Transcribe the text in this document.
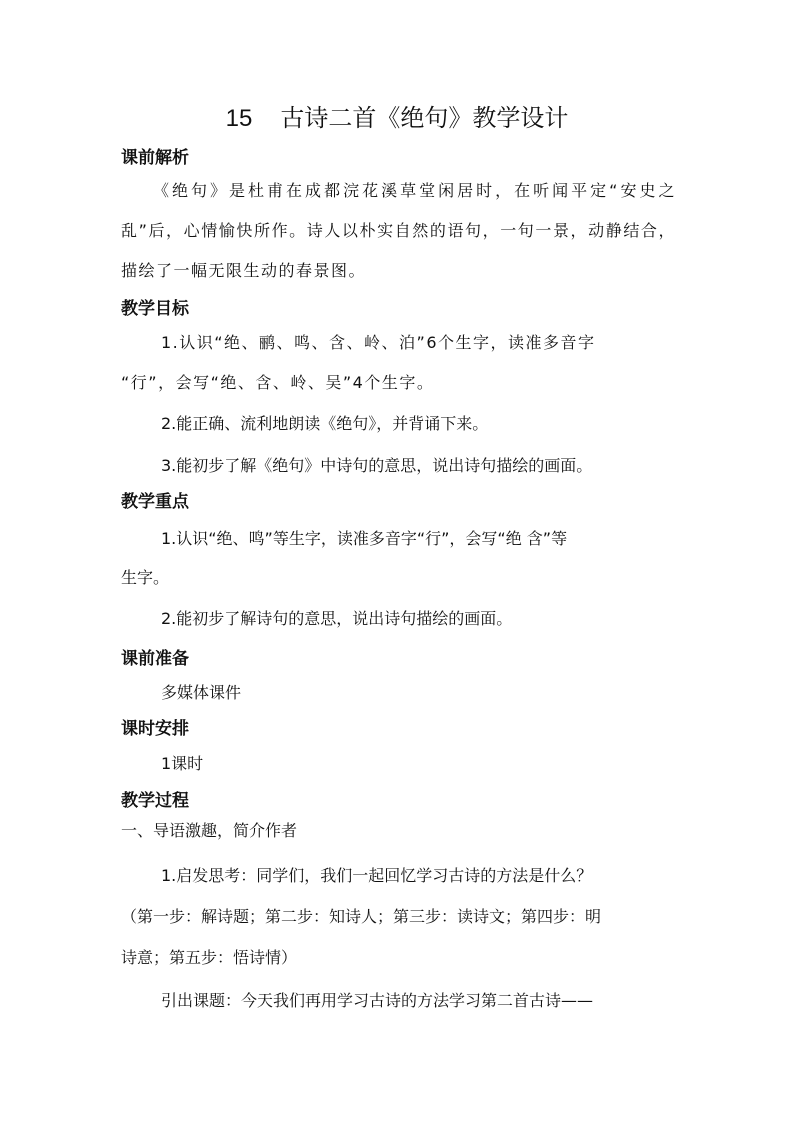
15 古诗二首《绝句》教学设计
课前解析

《绝句》是杜甫在成都浣花溪草堂闲居时，在听闻平定“安史之乱”后，心情愉快所作。诗人以朴实自然的语句，一句一景，动静结合，描绘了一幅无限生动的春景图。

教学目标

1.认识“绝、鹂、鸣、含、岭、泊”6个生字，读准多音字

“行”，会写“绝、含、岭、吴”4个生字。

2.能正确、流利地朗读《绝句》，并背诵下来。

3.能初步了解《绝句》中诗句的意思，说出诗句描绘的画面。

教学重点

1.认识“绝、鸣”等生字，读准多音字“行”，会写“绝 含”等

生字。

2.能初步了解诗句的意思，说出诗句描绘的画面。

课前准备

多媒体课件

课时安排

1课时

教学过程

一、导语激趣，简介作者

1.启发思考：同学们，我们一起回忆学习古诗的方法是什么？

（第一步：解诗题；第二步：知诗人；第三步：读诗文；第四步：明

诗意；第五步：悟诗情）

引出课题：今天我们再用学习古诗的方法学习第二首古诗——
